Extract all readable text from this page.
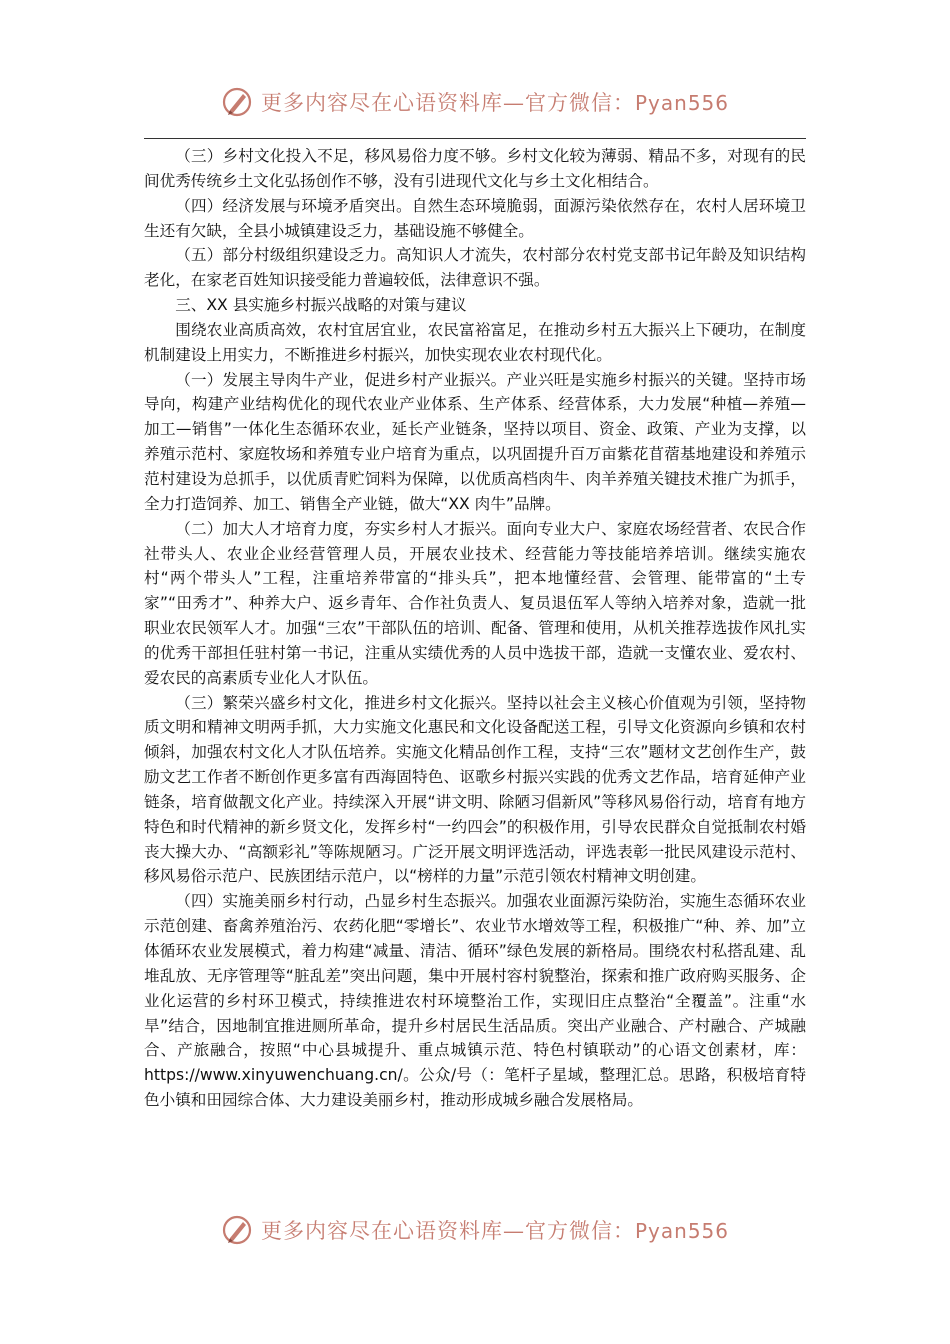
更多内容尽在心语资料库—官方微信：Pyan556

（三）乡村文化投入不足，移风易俗力度不够。乡村文化较为薄弱、精品不多，对现有的民间优秀传统乡土文化弘扬创作不够，没有引进现代文化与乡土文化相结合。

（四）经济发展与环境矛盾突出。自然生态环境脆弱，面源污染依然存在，农村人居环境卫生还有欠缺，全县小城镇建设乏力，基础设施不够健全。

（五）部分村级组织建设乏力。高知识人才流失，农村部分农村党支部书记年龄及知识结构老化，在家老百姓知识接受能力普遍较低，法律意识不强。

三、XX 县实施乡村振兴战略的对策与建议

围绕农业高质高效，农村宜居宜业，农民富裕富足，在推动乡村五大振兴上下硬功，在制度机制建设上用实力，不断推进乡村振兴，加快实现农业农村现代化。

（一）发展主导肉牛产业，促进乡村产业振兴。产业兴旺是实施乡村振兴的关键。坚持市场导向，构建产业结构优化的现代农业产业体系、生产体系、经营体系，大力发展“种植—养殖—加工—销售”一体化生态循环农业，延长产业链条，坚持以项目、资金、政策、产业为支撑，以养殖示范村、家庭牧场和养殖专业户培育为重点，以巩固提升百万亩紫花苜蓿基地建设和养殖示范村建设为总抓手，以优质青贮饲料为保障，以优质高档肉牛、肉羊养殖关键技术推广为抓手，全力打造饲养、加工、销售全产业链，做大“XX 肉牛”品牌。

（二）加大人才培育力度，夯实乡村人才振兴。面向专业大户、家庭农场经营者、农民合作社带头人、农业企业经营管理人员，开展农业技术、经营能力等技能培养培训。继续实施农村“两个带头人”工程，注重培养带富的“排头兵”，把本地懂经营、会管理、能带富的“土专家”“田秀才”、种养大户、返乡青年、合作社负责人、复员退伍军人等纳入培养对象，造就一批职业农民领军人才。加强“三农”干部队伍的培训、配备、管理和使用，从机关推荐选拔作风扎实的优秀干部担任驻村第一书记，注重从实绩优秀的人员中选拔干部，造就一支懂农业、爱农村、爱农民的高素质专业化人才队伍。

（三）繁荣兴盛乡村文化，推进乡村文化振兴。坚持以社会主义核心价值观为引领，坚持物质文明和精神文明两手抓，大力实施文化惠民和文化设备配送工程，引导文化资源向乡镇和农村倾斜，加强农村文化人才队伍培养。实施文化精品创作工程，支持“三农”题材文艺创作生产，鼓励文艺工作者不断创作更多富有西海固特色、讴歌乡村振兴实践的优秀文艺作品，培育延伸产业链条，培育做靓文化产业。持续深入开展“讲文明、除陋习倡新风”等移风易俗行动，培育有地方特色和时代精神的新乡贤文化，发挥乡村“一约四会”的积极作用，引导农民群众自觉抵制农村婚丧大操大办、“高额彩礼”等陈规陋习。广泛开展文明评选活动，评选表彰一批民风建设示范村、移风易俗示范户、民族团结示范户，以“榜样的力量”示范引领农村精神文明创建。

（四）实施美丽乡村行动，凸显乡村生态振兴。加强农业面源污染防治，实施生态循环农业示范创建、畜禽养殖治污、农药化肥“零增长”、农业节水增效等工程，积极推广“种、养、加”立体循环农业发展模式，着力构建“减量、清洁、循环”绿色发展的新格局。围绕农村私搭乱建、乱堆乱放、无序管理等“脏乱差”突出问题，集中开展村容村貌整治，探索和推广政府购买服务、企业化运营的乡村环卫模式，持续推进农村环境整治工作，实现旧庄点整治“全覆盖”。注重“水旱”结合，因地制宜推进厕所革命，提升乡村居民生活品质。突出产业融合、产村融合、产城融合、产旅融合，按照“中心县城提升、重点城镇示范、特色村镇联动”的心语文创素材，库：https://www.xinyuwenchuang.cn/。公众/号（：笔杆子星域，整理汇总。思路，积极培育特色小镇和田园综合体、大力建设美丽乡村，推动形成城乡融合发展格局。

更多内容尽在心语资料库—官方微信：Pyan556
